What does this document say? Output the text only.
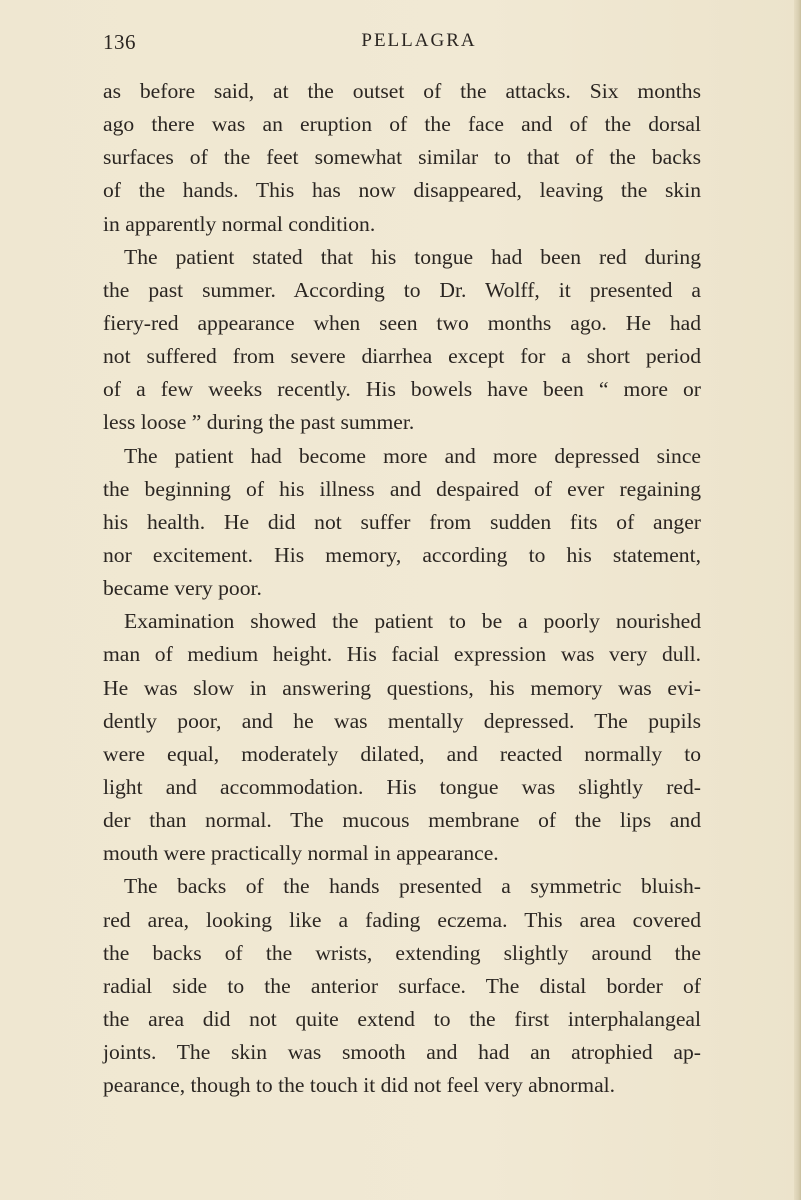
136	PELLAGRA
as before said, at the outset of the attacks. Six months
ago there was an eruption of the face and of the dorsal
surfaces of the feet somewhat similar to that of the backs
of the hands. This has now disappeared, leaving the skin
in apparently normal condition.
The patient stated that his tongue had been red during
the past summer. According to Dr. Wolff, it presented a
fiery-red appearance when seen two months ago. He had
not suffered from severe diarrhea except for a short period
of a few weeks recently. His bowels have been “ more or
less loose ” during the past summer.
The patient had become more and more depressed since
the beginning of his illness and despaired of ever regaining
his health. He did not suffer from sudden fits of anger
nor excitement. His memory, according to his statement,
became very poor.
Examination showed the patient to be a poorly nourished
man of medium height. His facial expression was very dull.
He was slow in answering questions, his memory was evi-
dently poor, and he was mentally depressed. The pupils
were equal, moderately dilated, and reacted normally to
light and accommodation. His tongue was slightly red-
der than normal. The mucous membrane of the lips and
mouth were practically normal in appearance.
The backs of the hands presented a symmetric bluish-
red area, looking like a fading eczema. This area covered
the backs of the wrists, extending slightly around the
radial side to the anterior surface. The distal border of
the area did not quite extend to the first interphalangeal
joints. The skin was smooth and had an atrophied ap-
pearance, though to the touch it did not feel very abnormal.
